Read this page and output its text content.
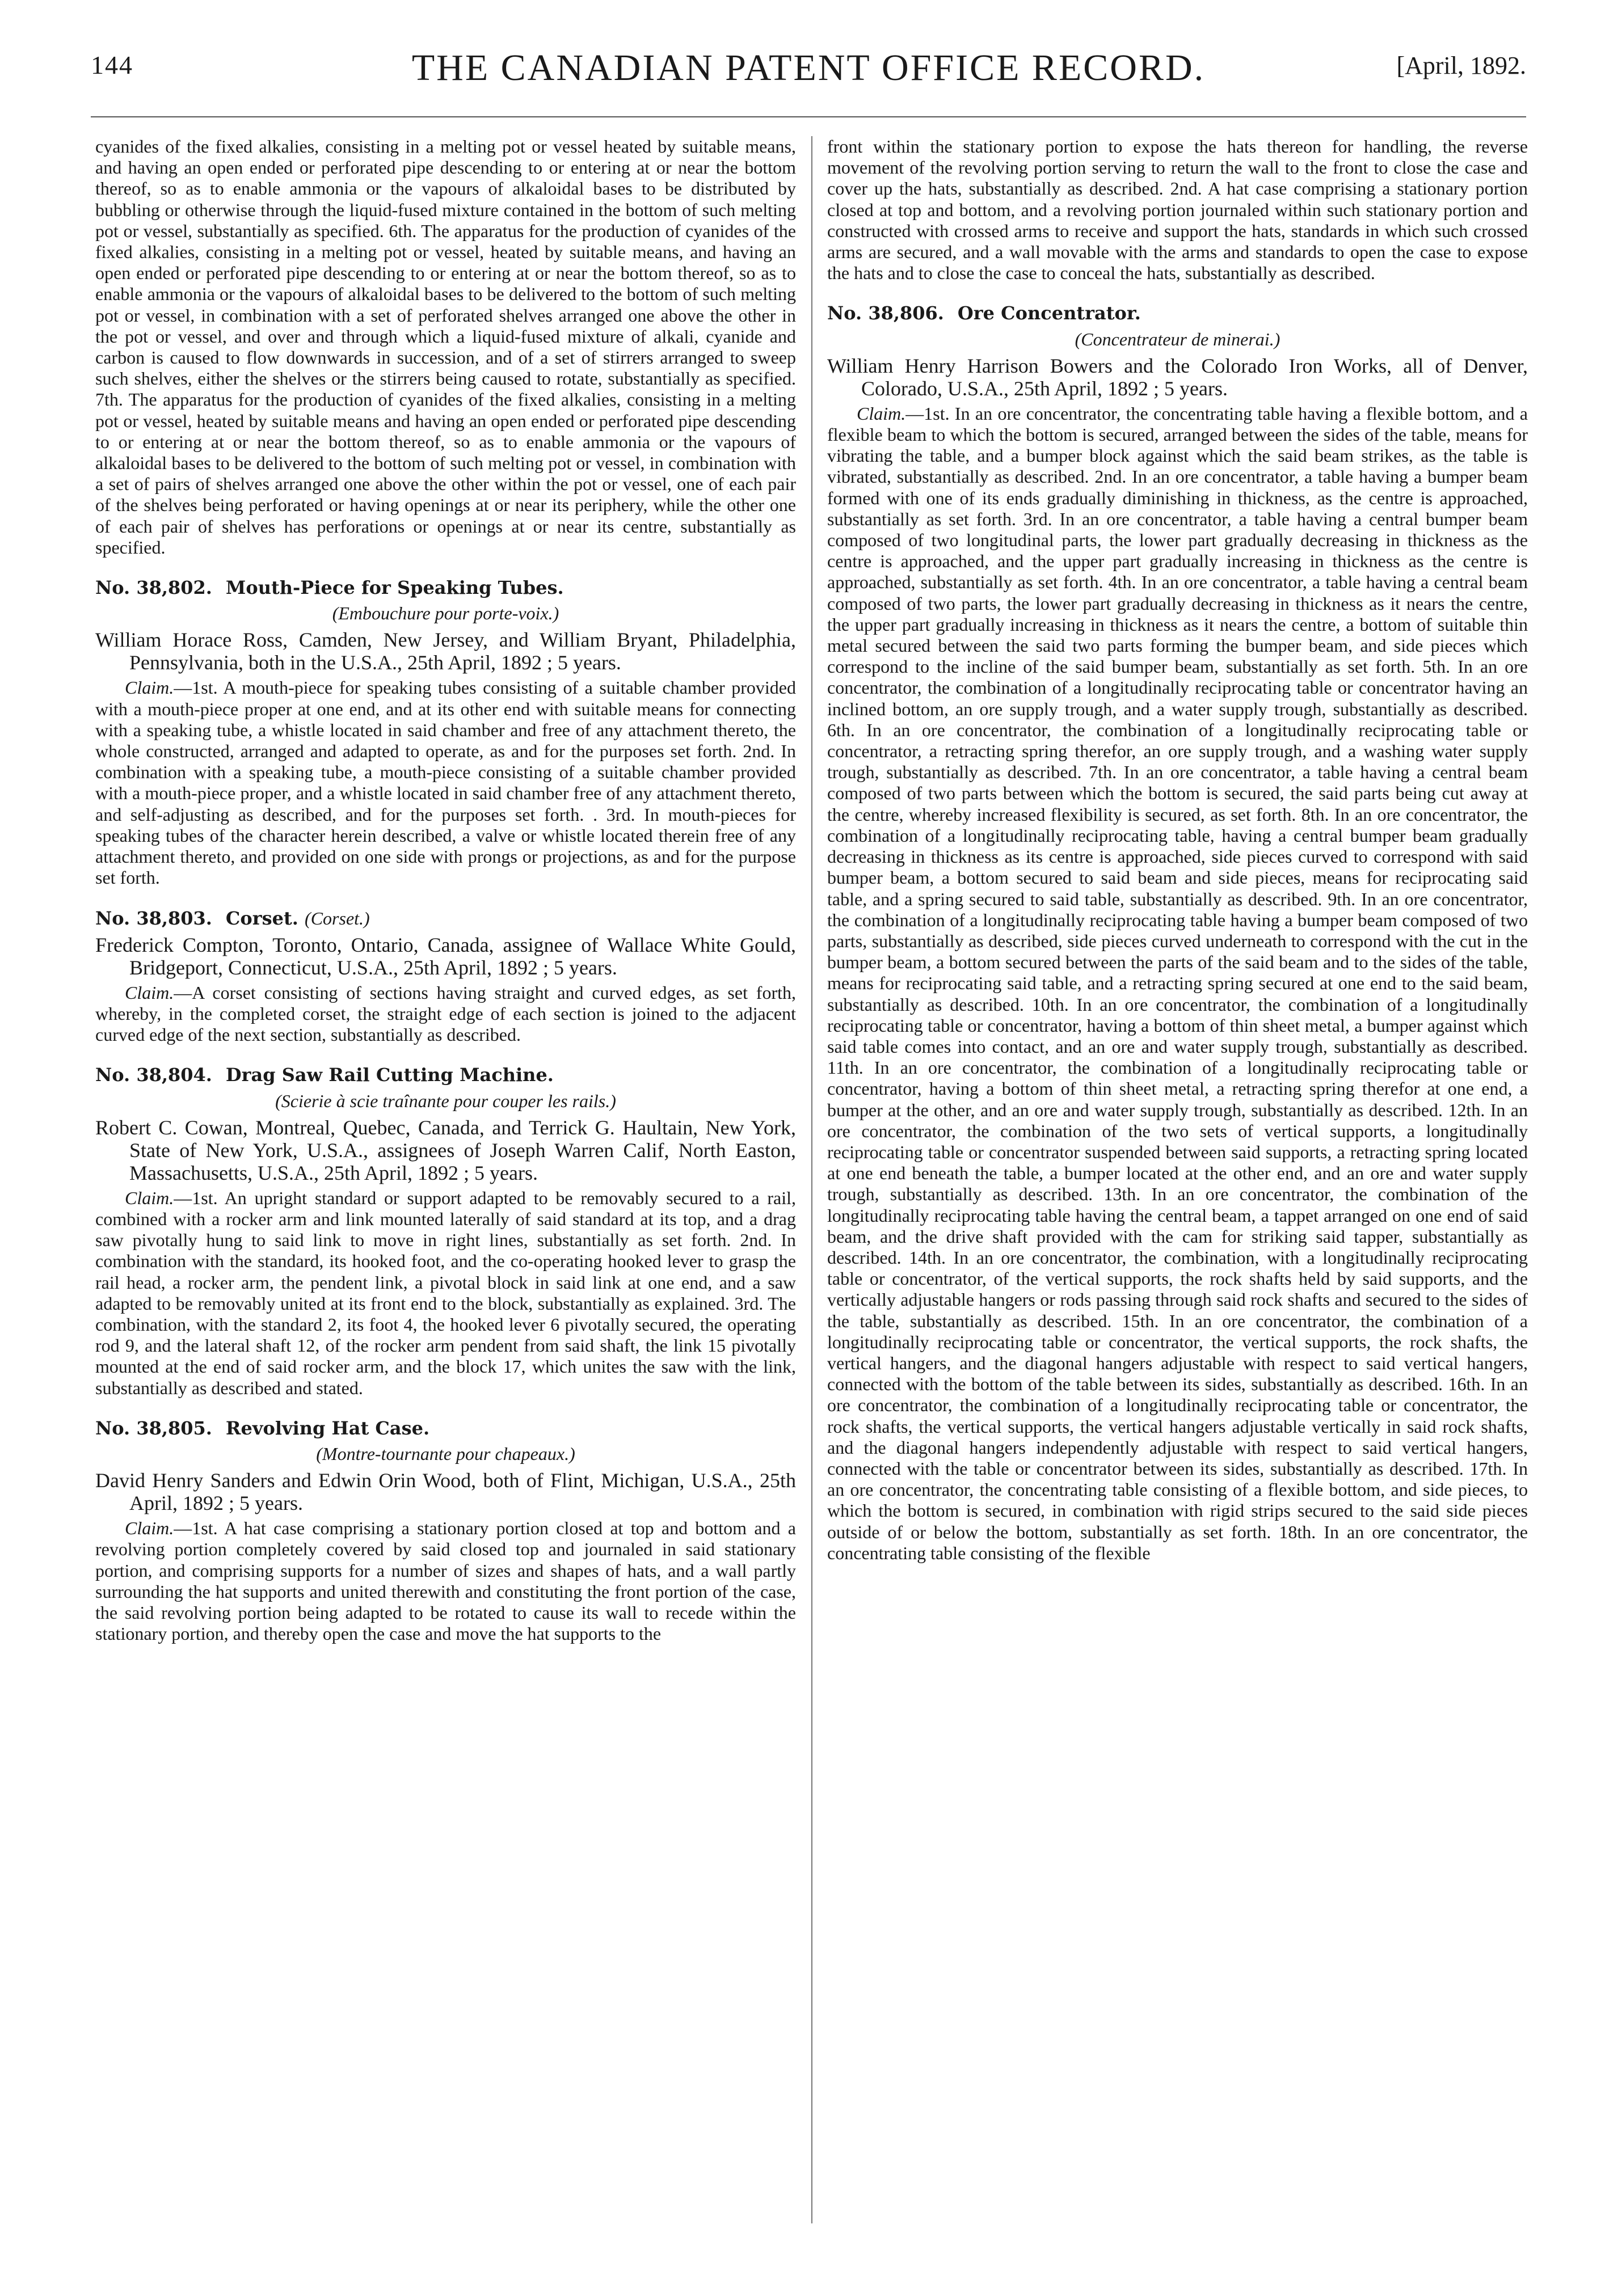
144	THE CANADIAN PATENT OFFICE RECORD.	[April, 1892.

cyanides of the fixed alkalies, consisting in a melting pot or vessel heated by suitable means, and having an open ended or perforated pipe descending to or entering at or near the bottom thereof, so as to enable ammonia or the vapours of alkaloidal bases to be distributed by bubbling or otherwise through the liquid-fused mixture contained in the bottom of such melting pot or vessel, substantially as specified. 6th. The apparatus for the production of cyanides of the fixed alkalies, consisting in a melting pot or vessel, heated by suitable means, and having an open ended or perforated pipe descending to or entering at or near the bottom thereof, so as to enable ammonia or the vapours of alkaloidal bases to be delivered to the bottom of such melting pot or vessel, in combination with a set of perforated shelves arranged one above the other in the pot or vessel, and over and through which a liquid-fused mixture of alkali, cyanide and carbon is caused to flow downwards in succession, and of a set of stirrers arranged to sweep such shelves, either the shelves or the stirrers being caused to rotate, substantially as specified. 7th. The apparatus for the production of cyanides of the fixed alkalies, consisting in a melting pot or vessel, heated by suitable means and having an open ended or perforated pipe descending to or entering at or near the bottom thereof, so as to enable ammonia or the vapours of alkaloidal bases to be delivered to the bottom of such melting pot or vessel, in combination with a set of pairs of shelves arranged one above the other within the pot or vessel, one of each pair of the shelves being perforated or having openings at or near its periphery, while the other one of each pair of shelves has perforations or openings at or near its centre, substantially as specified.

No. 38,802. Mouth-Piece for Speaking Tubes.
(Embouchure pour porte-voix.)
William Horace Ross, Camden, New Jersey, and William Bryant, Philadelphia, Pennsylvania, both in the U.S.A., 25th April, 1892 ; 5 years.

Claim.—1st. A mouth-piece for speaking tubes consisting of a suitable chamber provided with a mouth-piece proper at one end, and at its other end with suitable means for connecting with a speaking tube, a whistle located in said chamber and free of any attachment thereto, the whole constructed, arranged and adapted to operate, as and for the purposes set forth. 2nd. In combination with a speaking tube, a mouth-piece consisting of a suitable chamber provided with a mouth-piece proper, and a whistle located in said chamber free of any attachment thereto, and self-adjusting as described, and for the purposes set forth. . 3rd. In mouth-pieces for speaking tubes of the character herein described, a valve or whistle located therein free of any attachment thereto, and provided on one side with prongs or projections, as and for the purpose set forth.

No. 38,803. Corset. (Corset.)
Frederick Compton, Toronto, Ontario, Canada, assignee of Wallace White Gould, Bridgeport, Connecticut, U.S.A., 25th April, 1892 ; 5 years.

Claim.—A corset consisting of sections having straight and curved edges, as set forth, whereby, in the completed corset, the straight edge of each section is joined to the adjacent curved edge of the next section, substantially as described.

No. 38,804. Drag Saw Rail Cutting Machine.
(Scierie à scie traînante pour couper les rails.)
Robert C. Cowan, Montreal, Quebec, Canada, and Terrick G. Haultain, New York, State of New York, U.S.A., assignees of Joseph Warren Calif, North Easton, Massachusetts, U.S.A., 25th April, 1892 ; 5 years.

Claim.—1st. An upright standard or support adapted to be removably secured to a rail, combined with a rocker arm and link mounted laterally of said standard at its top, and a drag saw pivotally hung to said link to move in right lines, substantially as set forth. 2nd. In combination with the standard, its hooked foot, and the co-operating hooked lever to grasp the rail head, a rocker arm, the pendent link, a pivotal block in said link at one end, and a saw adapted to be removably united at its front end to the block, substantially as explained. 3rd. The combination, with the standard 2, its foot 4, the hooked lever 6 pivotally secured, the operating rod 9, and the lateral shaft 12, of the rocker arm pendent from said shaft, the link 15 pivotally mounted at the end of said rocker arm, and the block 17, which unites the saw with the link, substantially as described and stated.

No. 38,805. Revolving Hat Case.
(Montre-tournante pour chapeaux.)
David Henry Sanders and Edwin Orin Wood, both of Flint, Michigan, U.S.A., 25th April, 1892 ; 5 years.

Claim.—1st. A hat case comprising a stationary portion closed at top and bottom and a revolving portion completely covered by said closed top and journaled in said stationary portion, and comprising supports for a number of sizes and shapes of hats, and a wall partly surrounding the hat supports and united therewith and constituting the front portion of the case, the said revolving portion being adapted to be rotated to cause its wall to recede within the stationary portion, and thereby open the case and move the hat supports to the

front within the stationary portion to expose the hats thereon for handling, the reverse movement of the revolving portion serving to return the wall to the front to close the case and cover up the hats, substantially as described. 2nd. A hat case comprising a stationary portion closed at top and bottom, and a revolving portion journaled within such stationary portion and constructed with crossed arms to receive and support the hats, standards in which such crossed arms are secured, and a wall movable with the arms and standards to open the case to expose the hats and to close the case to conceal the hats, substantially as described.

No. 38,806. Ore Concentrator.
(Concentrateur de minerai.)
William Henry Harrison Bowers and the Colorado Iron Works, all of Denver, Colorado, U.S.A., 25th April, 1892 ; 5 years.

Claim.—1st. In an ore concentrator, the concentrating table having a flexible bottom, and a flexible beam to which the bottom is secured, arranged between the sides of the table, means for vibrating the table, and a bumper block against which the said beam strikes, as the table is vibrated, substantially as described. 2nd. In an ore concentrator, a table having a bumper beam formed with one of its ends gradually diminishing in thickness, as the centre is approached, substantially as set forth. 3rd. In an ore concentrator, a table having a central bumper beam composed of two longitudinal parts, the lower part gradually decreasing in thickness as the centre is approached, and the upper part gradually increasing in thickness as the centre is approached, substantially as set forth. 4th. In an ore concentrator, a table having a central beam composed of two parts, the lower part gradually decreasing in thickness as it nears the centre, the upper part gradually increasing in thickness as it nears the centre, a bottom of suitable thin metal secured between the said two parts forming the bumper beam, and side pieces which correspond to the incline of the said bumper beam, substantially as set forth. 5th. In an ore concentrator, the combination of a longitudinally reciprocating table or concentrator having an inclined bottom, an ore supply trough, and a water supply trough, substantially as described. 6th. In an ore concentrator, the combination of a longitudinally reciprocating table or concentrator, a retracting spring therefor, an ore supply trough, and a washing water supply trough, substantially as described. 7th. In an ore concentrator, a table having a central beam composed of two parts between which the bottom is secured, the said parts being cut away at the centre, whereby increased flexibility is secured, as set forth. 8th. In an ore concentrator, the combination of a longitudinally reciprocating table, having a central bumper beam gradually decreasing in thickness as its centre is approached, side pieces curved to correspond with said bumper beam, a bottom secured to said beam and side pieces, means for reciprocating said table, and a spring secured to said table, substantially as described. 9th. In an ore concentrator, the combination of a longitudinally reciprocating table having a bumper beam composed of two parts, substantially as described, side pieces curved underneath to correspond with the cut in the bumper beam, a bottom secured between the parts of the said beam and to the sides of the table, means for reciprocating said table, and a retracting spring secured at one end to the said beam, substantially as described. 10th. In an ore concentrator, the combination of a longitudinally reciprocating table or concentrator, having a bottom of thin sheet metal, a bumper against which said table comes into contact, and an ore and water supply trough, substantially as described. 11th. In an ore concentrator, the combination of a longitudinally reciprocating table or concentrator, having a bottom of thin sheet metal, a retracting spring therefor at one end, a bumper at the other, and an ore and water supply trough, substantially as described. 12th. In an ore concentrator, the combination of the two sets of vertical supports, a longitudinally reciprocating table or concentrator suspended between said supports, a retracting spring located at one end beneath the table, a bumper located at the other end, and an ore and water supply trough, substantially as described. 13th. In an ore concentrator, the combination of the longitudinally reciprocating table having the central beam, a tappet arranged on one end of said beam, and the drive shaft provided with the cam for striking said tapper, substantially as described. 14th. In an ore concentrator, the combination, with a longitudinally reciprocating table or concentrator, of the vertical supports, the rock shafts held by said supports, and the vertically adjustable hangers or rods passing through said rock shafts and secured to the sides of the table, substantially as described. 15th. In an ore concentrator, the combination of a longitudinally reciprocating table or concentrator, the vertical supports, the rock shafts, the vertical hangers, and the diagonal hangers adjustable with respect to said vertical hangers, connected with the bottom of the table between its sides, substantially as described. 16th. In an ore concentrator, the combination of a longitudinally reciprocating table or concentrator, the rock shafts, the vertical supports, the vertical hangers adjustable vertically in said rock shafts, and the diagonal hangers independently adjustable with respect to said vertical hangers, connected with the table or concentrator between its sides, substantially as described. 17th. In an ore concentrator, the concentrating table consisting of a flexible bottom, and side pieces, to which the bottom is secured, in combination with rigid strips secured to the said side pieces outside of or below the bottom, substantially as set forth. 18th. In an ore concentrator, the concentrating table consisting of the flexible
